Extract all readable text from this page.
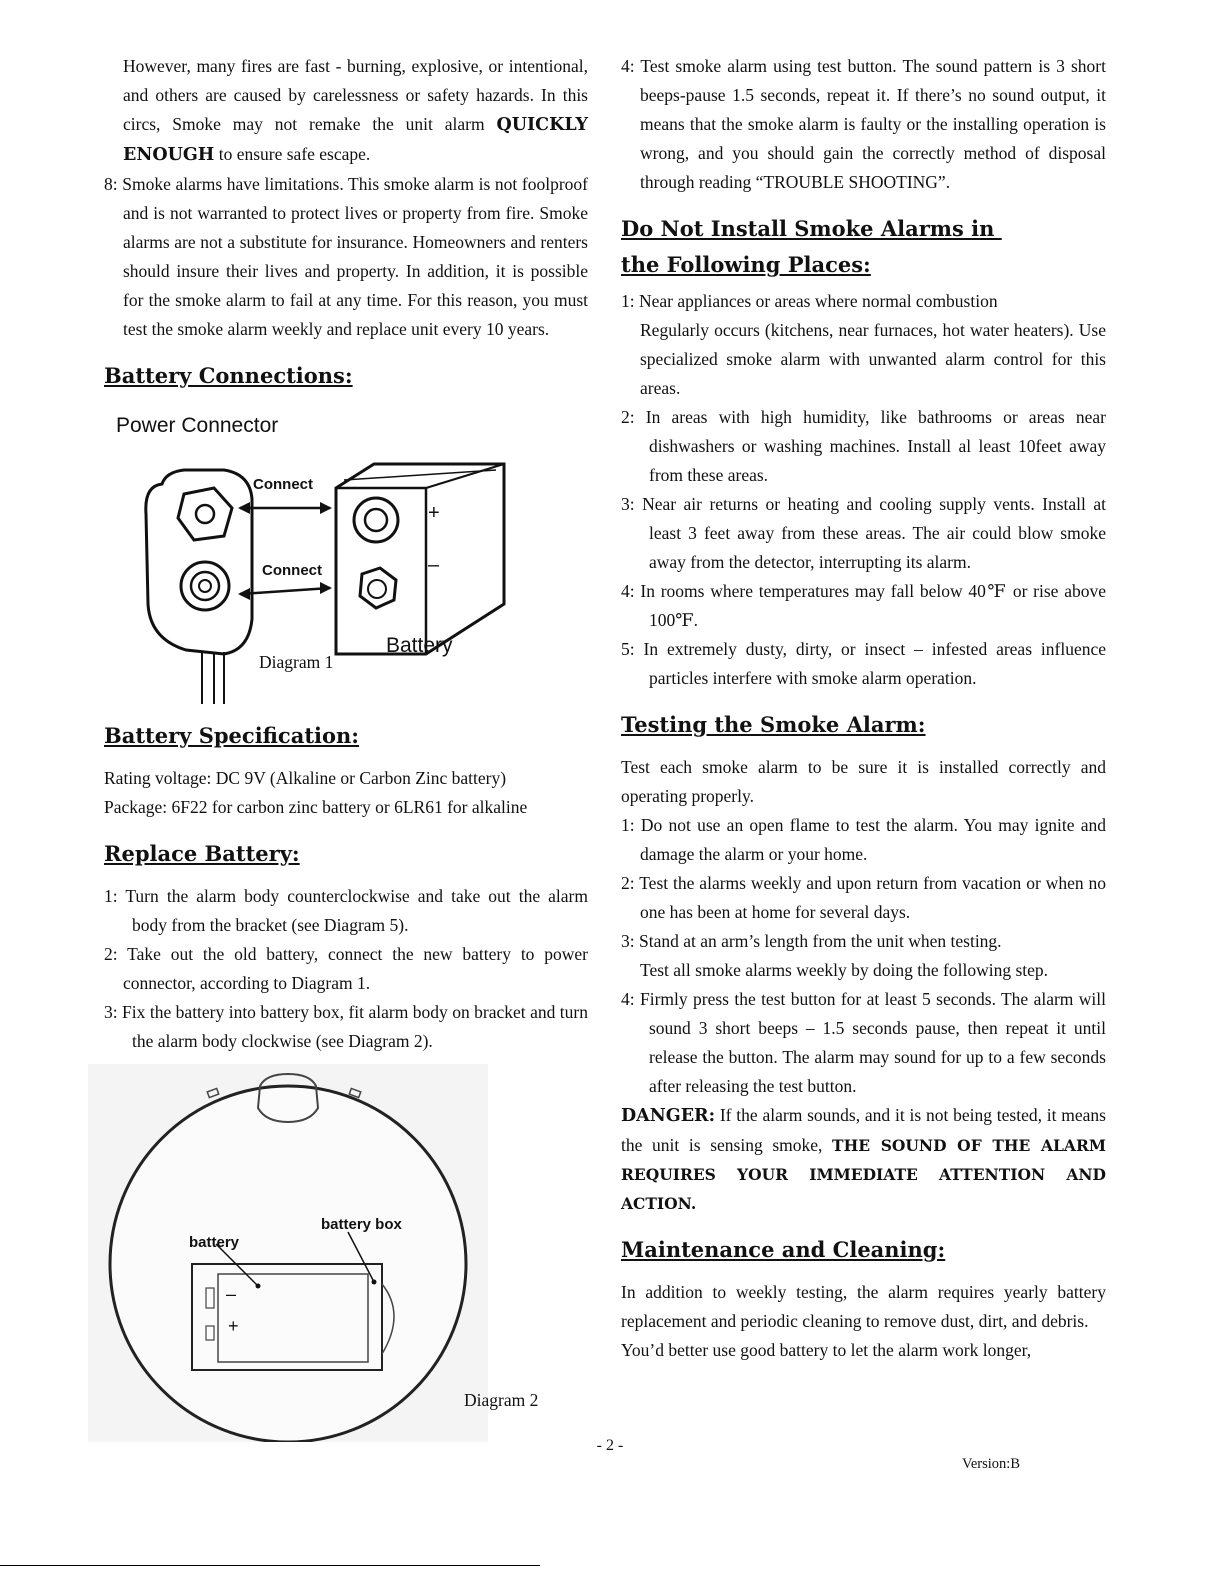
However, many fires are fast - burning, explosive, or intentional, and others are caused by carelessness or safety hazards. In this circs, Smoke may not remake the unit alarm QUICKLY ENOUGH to ensure safe escape.

8: Smoke alarms have limitations. This smoke alarm is not foolproof and is not warranted to protect lives or property from fire. Smoke alarms are not a substitute for insurance. Homeowners and renters should insure their lives and property. In addition, it is possible for the smoke alarm to fail at any time. For this reason, you must test the smoke alarm weekly and replace unit every 10 years.

Battery Connections:
Power Connector
Connect
Connect
+
–
Battery
Diagram 1
Battery Specification:

Rating voltage: DC 9V (Alkaline or Carbon Zinc battery)

Package: 6F22 for carbon zinc battery or 6LR61 for alkaline

Replace Battery:

1: Turn the alarm body counterclockwise and take out the alarm body from the bracket (see Diagram 5).

2: Take out the old battery, connect the new battery to power connector, according to Diagram 1.

3: Fix the battery into battery box, fit alarm body on bracket and turn the alarm body clockwise (see Diagram 2).

battery box
battery
–
+
Diagram 2

4: Test smoke alarm using test button. The sound pattern is 3 short beeps-pause 1.5 seconds, repeat it. If there’s no sound output, it means that the smoke alarm is faulty or the installing operation is wrong, and you should gain the correctly method of disposal through reading “TROUBLE SHOOTING”.

Do Not Install Smoke Alarms in
the Following Places:

1: Near appliances or areas where normal combustion

Regularly occurs (kitchens, near furnaces, hot water heaters). Use specialized smoke alarm with unwanted alarm control for this areas.

2: In areas with high humidity, like bathrooms or areas near dishwashers or washing machines. Install al least 10feet away from these areas.

3: Near air returns or heating and cooling supply vents. Install at least 3 feet away from these areas. The air could blow smoke away from the detector, interrupting its alarm.

4: In rooms where temperatures may fall below 40℉ or rise above 100℉.

5: In extremely dusty, dirty, or insect – infested areas influence particles interfere with smoke alarm operation.

Testing the Smoke Alarm:

Test each smoke alarm to be sure it is installed correctly and operating properly.

1: Do not use an open flame to test the alarm. You may ignite and damage the alarm or your home.

2: Test the alarms weekly and upon return from vacation or when no one has been at home for several days.

3: Stand at an arm’s length from the unit when testing.

Test all smoke alarms weekly by doing the following step.

4: Firmly press the test button for at least 5 seconds. The alarm will sound 3 short beeps – 1.5 seconds pause, then repeat it until release the button. The alarm may sound for up to a few seconds after releasing the test button.

DANGER: If the alarm sounds, and it is not being tested, it means the unit is sensing smoke, THE SOUND OF THE ALARM REQUIRES YOUR IMMEDIATE ATTENTION AND ACTION.

Maintenance and Cleaning:

In addition to weekly testing, the alarm requires yearly battery replacement and periodic cleaning to remove dust, dirt, and debris.

You’d better use good battery to let the alarm work longer,

- 2 -
Version:B
